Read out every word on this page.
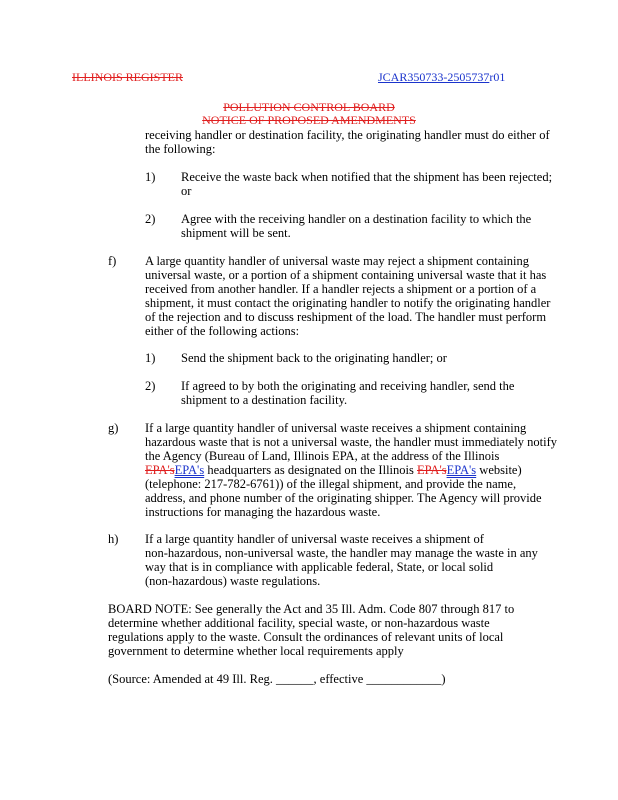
ILLINOIS REGISTER	JCAR350733-2505737r01
POLLUTION CONTROL BOARD
NOTICE OF PROPOSED AMENDMENTS
receiving handler or destination facility, the originating handler must do either of
the following:
1) Receive the waste back when notified that the shipment has been rejected;
or
2) Agree with the receiving handler on a destination facility to which the
shipment will be sent.
f) A large quantity handler of universal waste may reject a shipment containing
universal waste, or a portion of a shipment containing universal waste that it has
received from another handler. If a handler rejects a shipment or a portion of a
shipment, it must contact the originating handler to notify the originating handler
of the rejection and to discuss reshipment of the load. The handler must perform
either of the following actions:
1) Send the shipment back to the originating handler; or
2) If agreed to by both the originating and receiving handler, send the
shipment to a destination facility.
g) If a large quantity handler of universal waste receives a shipment containing
hazardous waste that is not a universal waste, the handler must immediately notify
the Agency (Bureau of Land, Illinois EPA, at the address of the Illinois
EPA'sEPA's headquarters as designated on the Illinois EPA'sEPA's website)
(telephone: 217-782-6761)) of the illegal shipment, and provide the name,
address, and phone number of the originating shipper. The Agency will provide
instructions for managing the hazardous waste.
h) If a large quantity handler of universal waste receives a shipment of
non-hazardous, non-universal waste, the handler may manage the waste in any
way that is in compliance with applicable federal, State, or local solid
(non-hazardous) waste regulations.
BOARD NOTE: See generally the Act and 35 Ill. Adm. Code 807 through 817 to
determine whether additional facility, special waste, or non-hazardous waste
regulations apply to the waste. Consult the ordinances of relevant units of local
government to determine whether local requirements apply
(Source: Amended at 49 Ill. Reg. ______, effective ____________)
